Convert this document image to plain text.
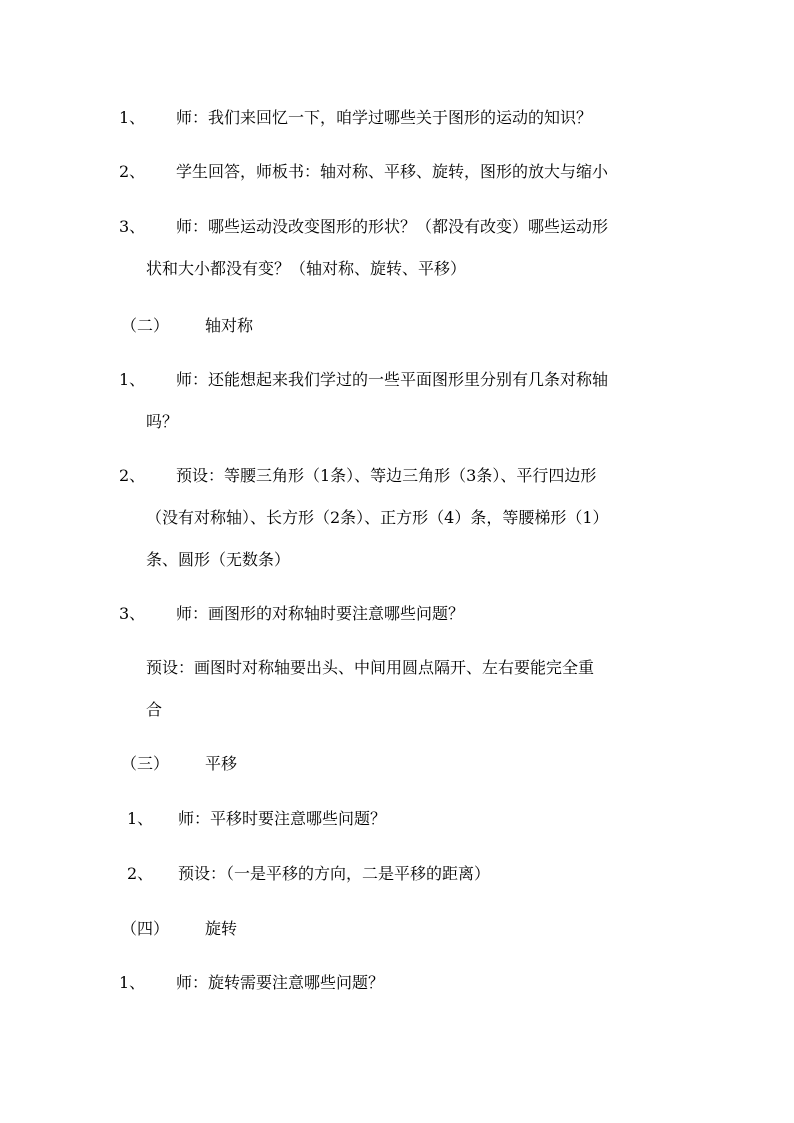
1、 师：我们来回忆一下，咱学过哪些关于图形的运动的知识？
2、 学生回答，师板书：轴对称、平移、旋转，图形的放大与缩小
3、 师：哪些运动没改变图形的形状？（都没有改变）哪些运动形
状和大小都没有变？（轴对称、旋转、平移）
（二） 轴对称
1、 师：还能想起来我们学过的一些平面图形里分别有几条对称轴
吗？
2、 预设：等腰三角形（1条）、等边三角形（3条）、平行四边形
（没有对称轴）、长方形（2条）、正方形（4）条，等腰梯形（1）
条、圆形（无数条）
3、 师：画图形的对称轴时要注意哪些问题？
预设：画图时对称轴要出头、中间用圆点隔开、左右要能完全重
合
（三） 平移
1、 师：平移时要注意哪些问题？
2、 预设：（一是平移的方向，二是平移的距离）
（四） 旋转
1、 师：旋转需要注意哪些问题？
